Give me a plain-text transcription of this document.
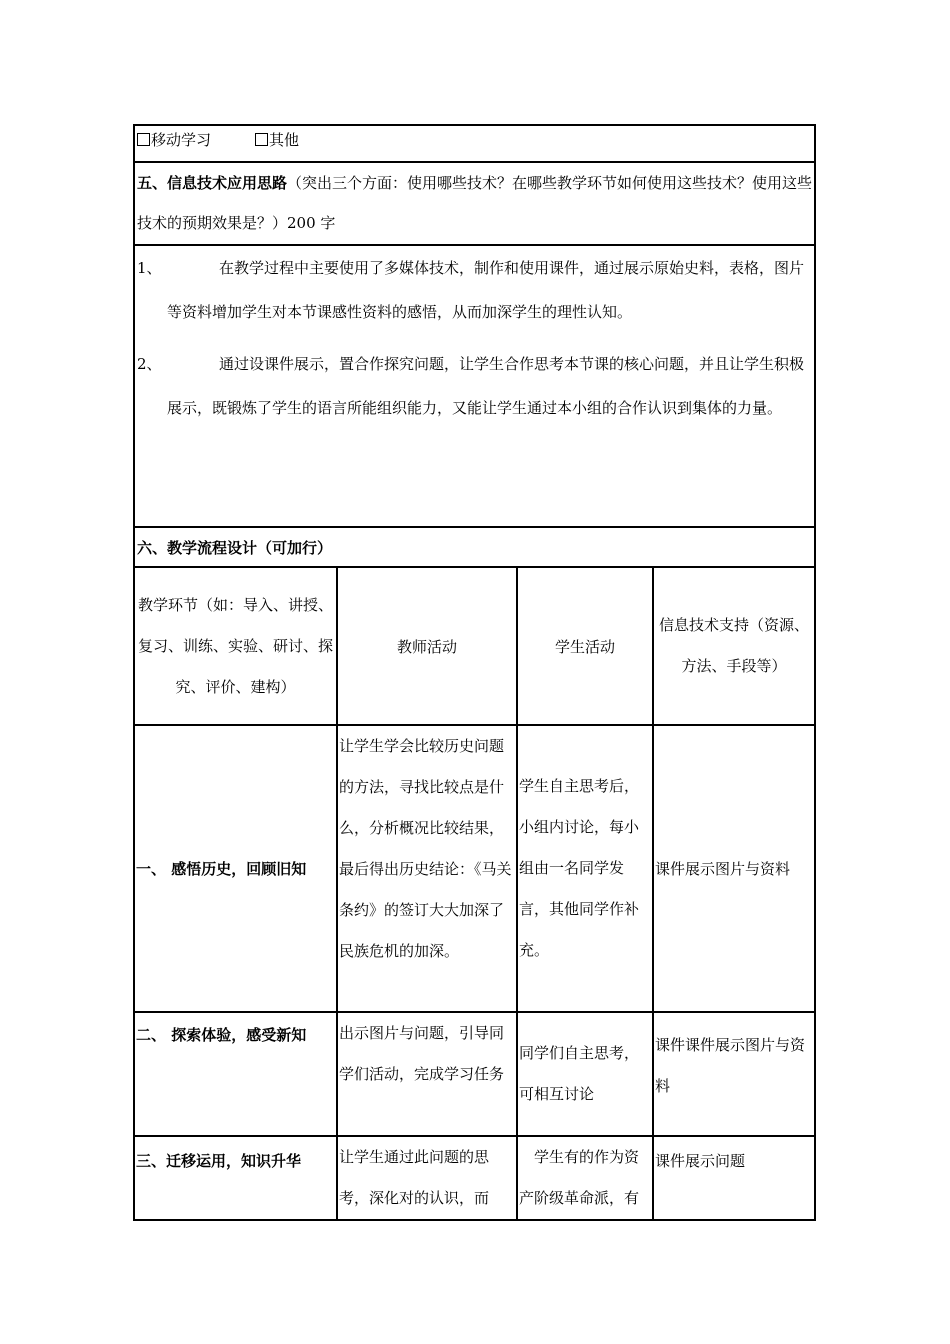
移动学习 其他			
五、信息技术应用思路（突出三个方面：使用哪些技术？在哪些教学环节如何使用这些技术？使用这些技术的预期效果是？）200 字			

1、 在教学过程中主要使用了多媒体技术，制作和使用课件，通过展示原始史料，表格，图片等资料增加学生对本节课感性资料的感悟，从而加深学生的理性认知。
2、 通过设课件展示，置合作探究问题，让学生合作思考本节课的核心问题，并且让学生积极展示，既锻炼了学生的语言所能组织能力，又能让学生通过本小组的合作认识到集体的力量。			

六、教学流程设计（可加行）			
教学环节（如：导入、讲授、复习、训练、实验、研讨、探究、评价、建构）	教师活动	学生活动	信息技术支持（资源、方法、手段等）
一、 感悟历史，回顾旧知	让学生学会比较历史问题的方法，寻找比较点是什么，分析概况比较结果，最后得出历史结论：《马关条约》的签订大大加深了民族危机的加深。	学生自主思考后，小组内讨论，每小组由一名同学发言，其他同学作补充。	课件展示图片与资料
二、 探索体验，感受新知	出示图片与问题，引导同学们活动，完成学习任务	同学们自主思考，可相互讨论	课件课件展示图片与资料
三、迁移运用，知识升华	让学生通过此问题的思考，深化对的认识，而	学生有的作为资产阶级革命派，有	课件展示问题
